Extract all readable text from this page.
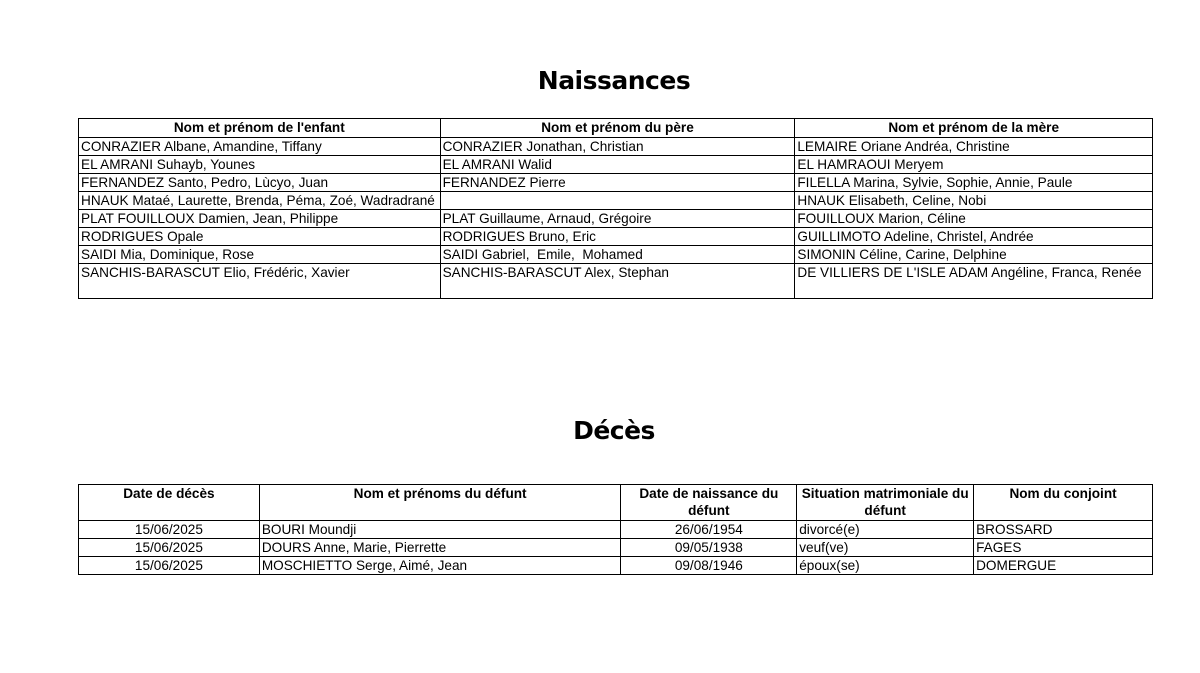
Naissances
Nom et prénom de l'enfant	Nom et prénom du père	Nom et prénom de la mère
CONRAZIER Albane, Amandine, Tiffany	CONRAZIER Jonathan, Christian	LEMAIRE Oriane Andréa, Christine
EL AMRANI Suhayb, Younes	EL AMRANI Walid	EL HAMRAOUI Meryem
FERNANDEZ Santo, Pedro, Lùcyo, Juan	FERNANDEZ Pierre	FILELLA Marina, Sylvie, Sophie, Annie, Paule
HNAUK Mataé, Laurette, Brenda, Péma, Zoé, Wadradrané		HNAUK Elisabeth, Celine, Nobi
PLAT FOUILLOUX Damien, Jean, Philippe	PLAT Guillaume, Arnaud, Grégoire	FOUILLOUX Marion, Céline
RODRIGUES Opale	RODRIGUES Bruno, Eric	GUILLIMOTO Adeline, Christel, Andrée
SAIDI Mia, Dominique, Rose	SAIDI Gabriel,  Emile,  Mohamed	SIMONIN Céline, Carine, Delphine
SANCHIS-BARASCUT Elio, Frédéric, Xavier	SANCHIS-BARASCUT Alex, Stephan	DE VILLIERS DE L'ISLE ADAM Angéline, Franca, Renée
Décès
Date de décès	Nom et prénoms du défunt	Date de naissance du défunt	Situation matrimoniale du défunt	Nom du conjoint
15/06/2025	BOURI Moundji	26/06/1954	divorcé(e)	BROSSARD
15/06/2025	DOURS Anne, Marie, Pierrette	09/05/1938	veuf(ve)	FAGES
15/06/2025	MOSCHIETTO Serge, Aimé, Jean	09/08/1946	époux(se)	DOMERGUE
